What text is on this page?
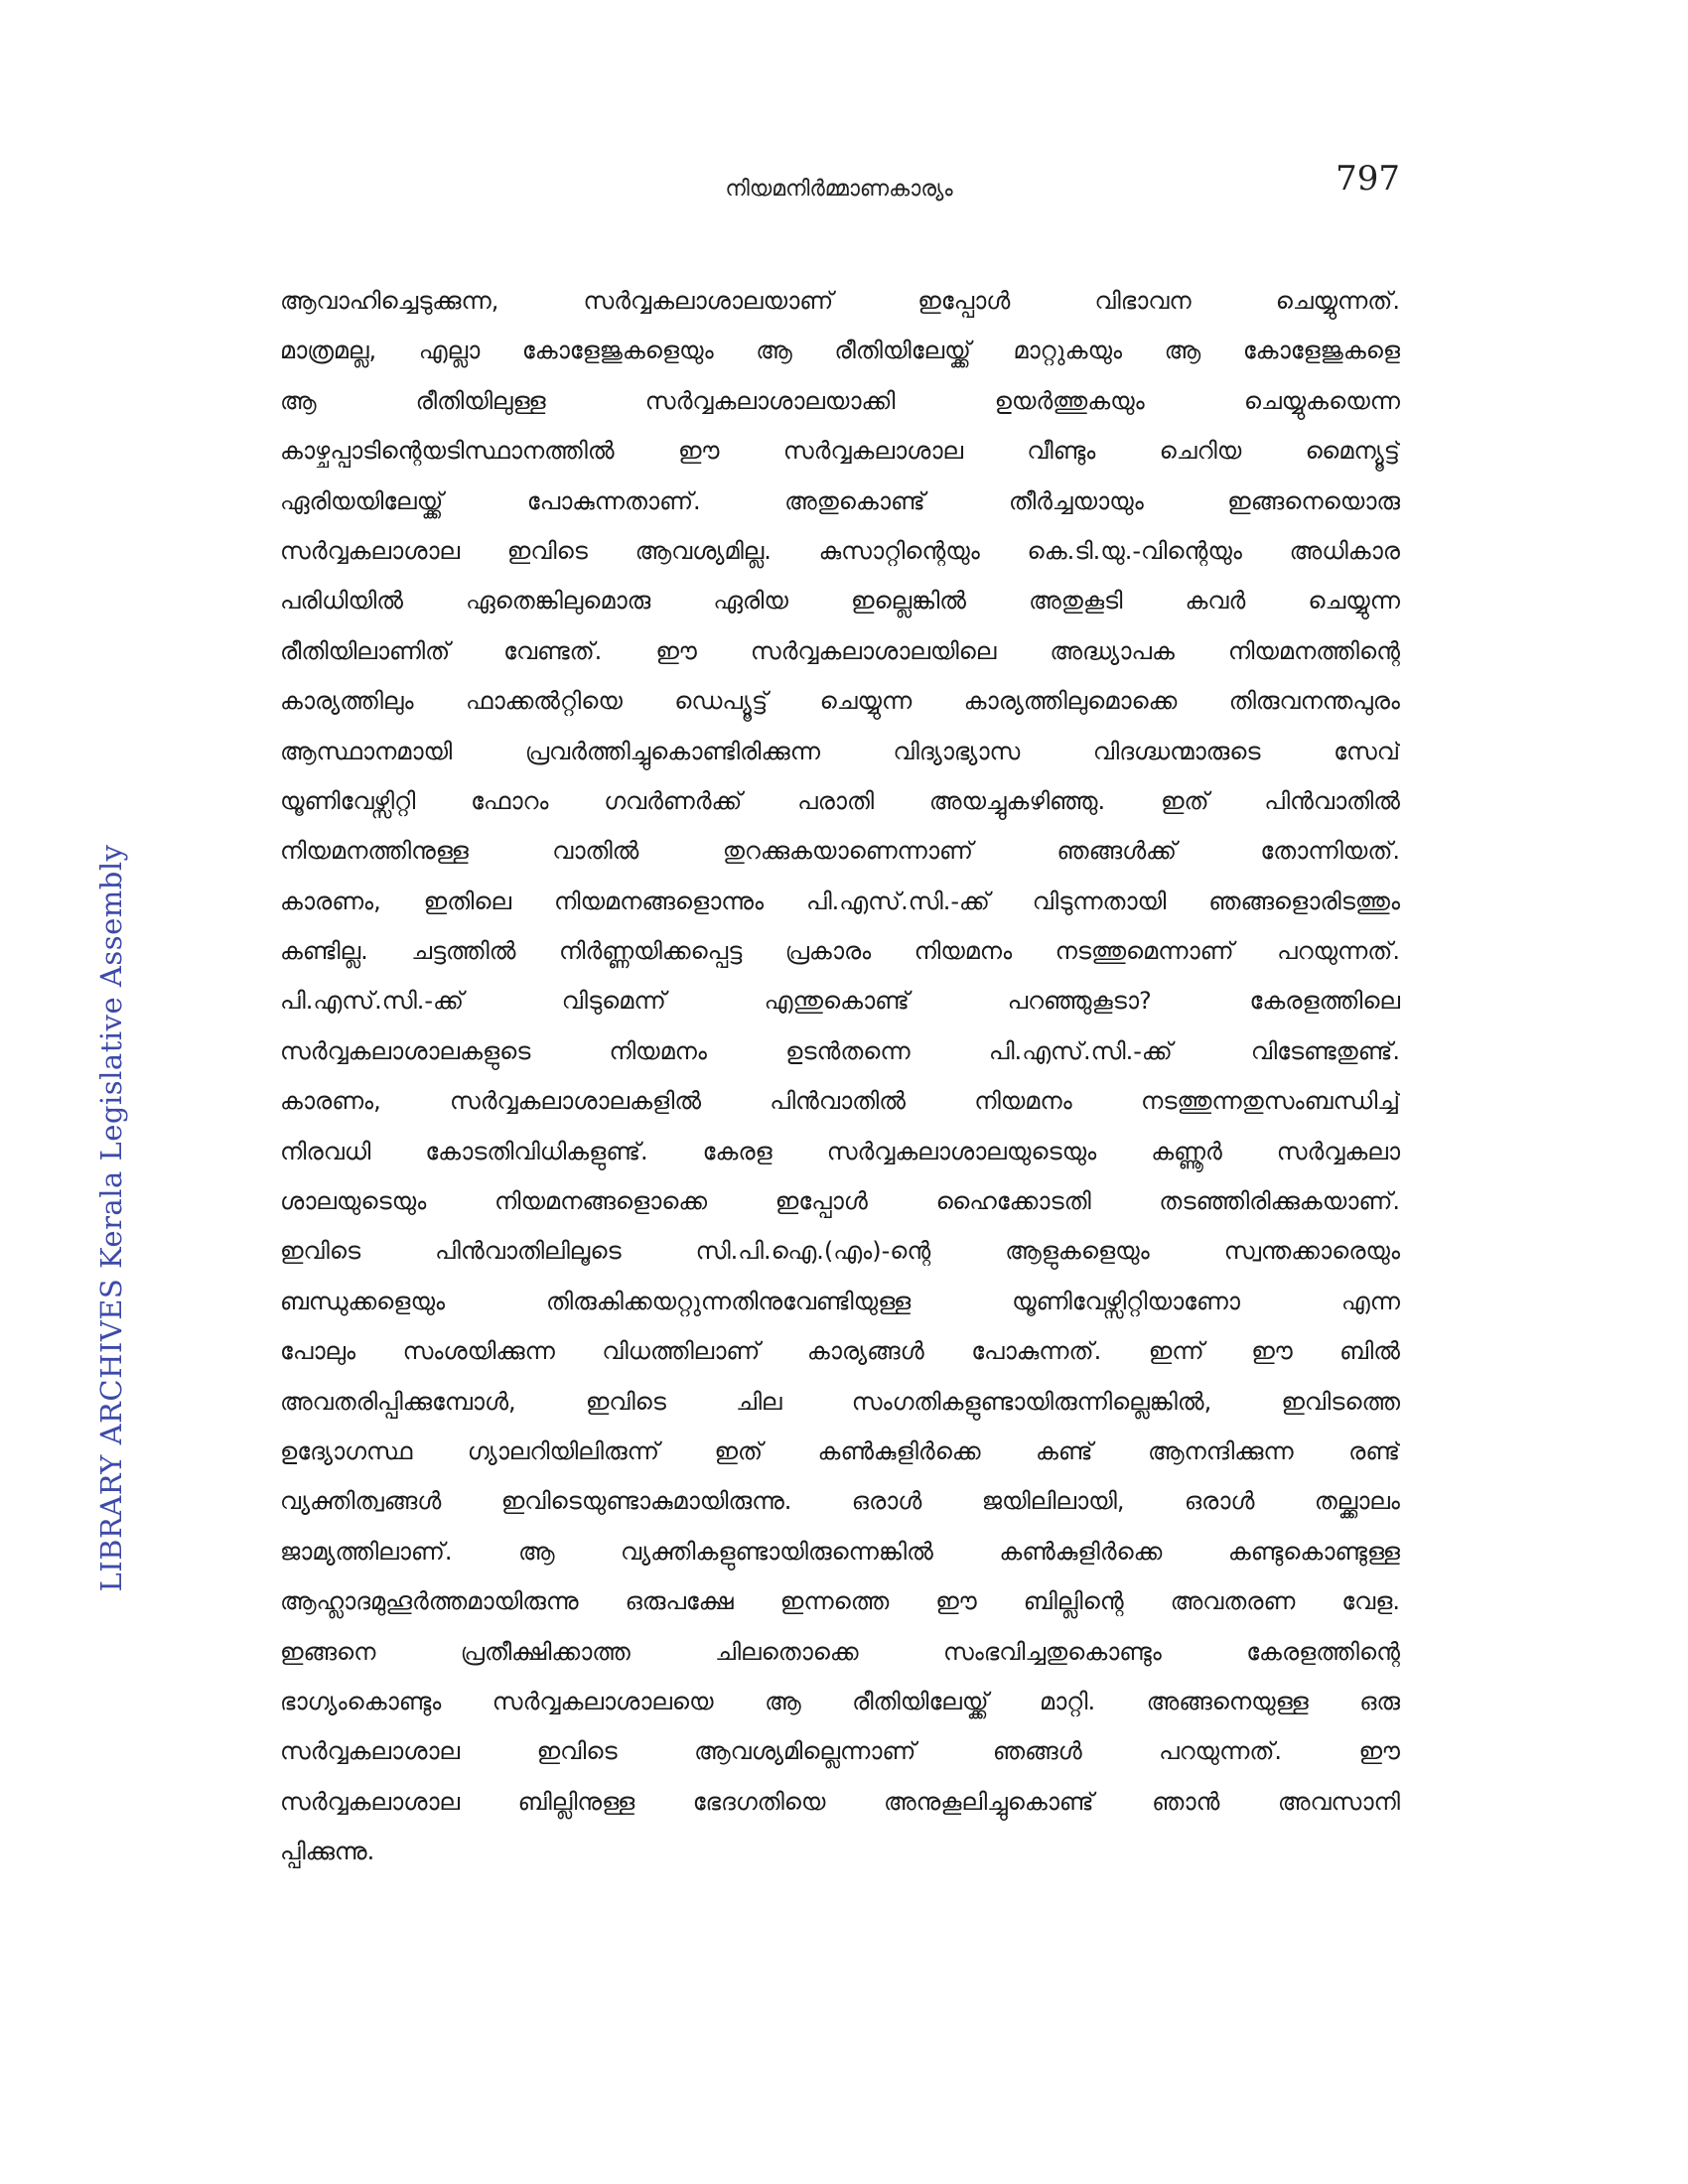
നിയമനിർമ്മാണകാര്യം	797
LIBRARY ARCHIVES Kerala Legislative Assembly
ആവാഹിച്ചെടുക്കുന്ന, സർവ്വകലാശാലയാണ് ഇപ്പോൾ വിഭാവന ചെയ്യുന്നത്.
മാത്രമല്ല, എല്ലാ കോളേജുകളെയും ആ രീതിയിലേയ്ക്ക് മാറ്റുകയും ആ കോളേജുകളെ
ആ രീതിയിലുള്ള സർവ്വകലാശാലയാക്കി ഉയർത്തുകയും ചെയ്യുകയെന്ന
കാഴ്ചപ്പാടിന്റെയടിസ്ഥാനത്തിൽ ഈ സർവ്വകലാശാല വീണ്ടും ചെറിയ മൈന്യൂട്ട്
ഏരിയയിലേയ്ക്ക് പോകുന്നതാണ്. അതുകൊണ്ട് തീർച്ചയായും ഇങ്ങനെയൊരു
സർവ്വകലാശാല ഇവിടെ ആവശ്യമില്ല. കുസാറ്റിന്റെയും കെ.ടി.യു.-വിന്റെയും അധികാര
പരിധിയിൽ ഏതെങ്കിലുമൊരു ഏരിയ ഇല്ലെങ്കിൽ അതുകൂടി കവർ ചെയ്യുന്ന
രീതിയിലാണിത് വേണ്ടത്. ഈ സർവ്വകലാശാലയിലെ അദ്ധ്യാപക നിയമനത്തിന്റെ
കാര്യത്തിലും ഫാക്കൽറ്റിയെ ഡെപ്യൂട്ട് ചെയ്യുന്ന കാര്യത്തിലുമൊക്കെ തിരുവനന്തപുരം
ആസ്ഥാനമായി പ്രവർത്തിച്ചുകൊണ്ടിരിക്കുന്ന വിദ്യാഭ്യാസ വിദഗ്ദ്ധന്മാരുടെ സേവ്
യൂണിവേഴ്സിറ്റി ഫോറം ഗവർണർക്ക് പരാതി അയച്ചുകഴിഞ്ഞു. ഇത് പിൻവാതിൽ
നിയമനത്തിനുള്ള വാതിൽ തുറക്കുകയാണെന്നാണ് ഞങ്ങൾക്ക് തോന്നിയത്.
കാരണം, ഇതിലെ നിയമനങ്ങളൊന്നും പി.എസ്.സി.-ക്ക് വിടുന്നതായി ഞങ്ങളൊരിടത്തും
കണ്ടില്ല. ചട്ടത്തിൽ നിർണ്ണയിക്കപ്പെട്ട പ്രകാരം നിയമനം നടത്തുമെന്നാണ് പറയുന്നത്.
പി.എസ്.സി.-ക്ക് വിടുമെന്ന് എന്തുകൊണ്ട് പറഞ്ഞുകൂടാ? കേരളത്തിലെ
സർവ്വകലാശാലകളുടെ നിയമനം ഉടൻതന്നെ പി.എസ്.സി.-ക്ക് വിടേണ്ടതുണ്ട്.
കാരണം, സർവ്വകലാശാലകളിൽ പിൻവാതിൽ നിയമനം നടത്തുന്നതുസംബന്ധിച്ച്
നിരവധി കോടതിവിധികളുണ്ട്. കേരള സർവ്വകലാശാലയുടെയും കണ്ണൂർ സർവ്വകലാ
ശാലയുടെയും നിയമനങ്ങളൊക്കെ ഇപ്പോൾ ഹൈക്കോടതി തടഞ്ഞിരിക്കുകയാണ്.
ഇവിടെ പിൻവാതിലിലൂടെ സി.പി.ഐ.(എം)-ന്റെ ആളുകളെയും സ്വന്തക്കാരെയും
ബന്ധുക്കളെയും തിരുകിക്കയറ്റുന്നതിനുവേണ്ടിയുള്ള യൂണിവേഴ്സിറ്റിയാണോ എന്ന
പോലും സംശയിക്കുന്ന വിധത്തിലാണ് കാര്യങ്ങൾ പോകുന്നത്. ഇന്ന് ഈ ബിൽ
അവതരിപ്പിക്കുമ്പോൾ, ഇവിടെ ചില സംഗതികളുണ്ടായിരുന്നില്ലെങ്കിൽ, ഇവിടത്തെ
ഉദ്യോഗസ്ഥ ഗ്യാലറിയിലിരുന്ന് ഇത് കൺകുളിർക്കെ കണ്ട് ആനന്ദിക്കുന്ന രണ്ട്
വ്യക്തിത്വങ്ങൾ ഇവിടെയുണ്ടാകുമായിരുന്നു. ഒരാൾ ജയിലിലായി, ഒരാൾ തല്ക്കാലം
ജാമ്യത്തിലാണ്. ആ വ്യക്തികളുണ്ടായിരുന്നെങ്കിൽ കൺകുളിർക്കെ കണ്ടുകൊണ്ടുള്ള
ആഹ്ലാദമുഹൂർത്തമായിരുന്നു ഒരുപക്ഷേ ഇന്നത്തെ ഈ ബില്ലിന്റെ അവതരണ വേള.
ഇങ്ങനെ പ്രതീക്ഷിക്കാത്ത ചിലതൊക്കെ സംഭവിച്ചതുകൊണ്ടും കേരളത്തിന്റെ
ഭാഗ്യംകൊണ്ടും സർവ്വകലാശാലയെ ആ രീതിയിലേയ്ക്ക് മാറ്റി. അങ്ങനെയുള്ള ഒരു
സർവ്വകലാശാല ഇവിടെ ആവശ്യമില്ലെന്നാണ് ഞങ്ങൾ പറയുന്നത്. ഈ
സർവ്വകലാശാല ബില്ലിനുള്ള ഭേദഗതിയെ അനുകൂലിച്ചുകൊണ്ട് ഞാൻ അവസാനി
പ്പിക്കുന്നു.
